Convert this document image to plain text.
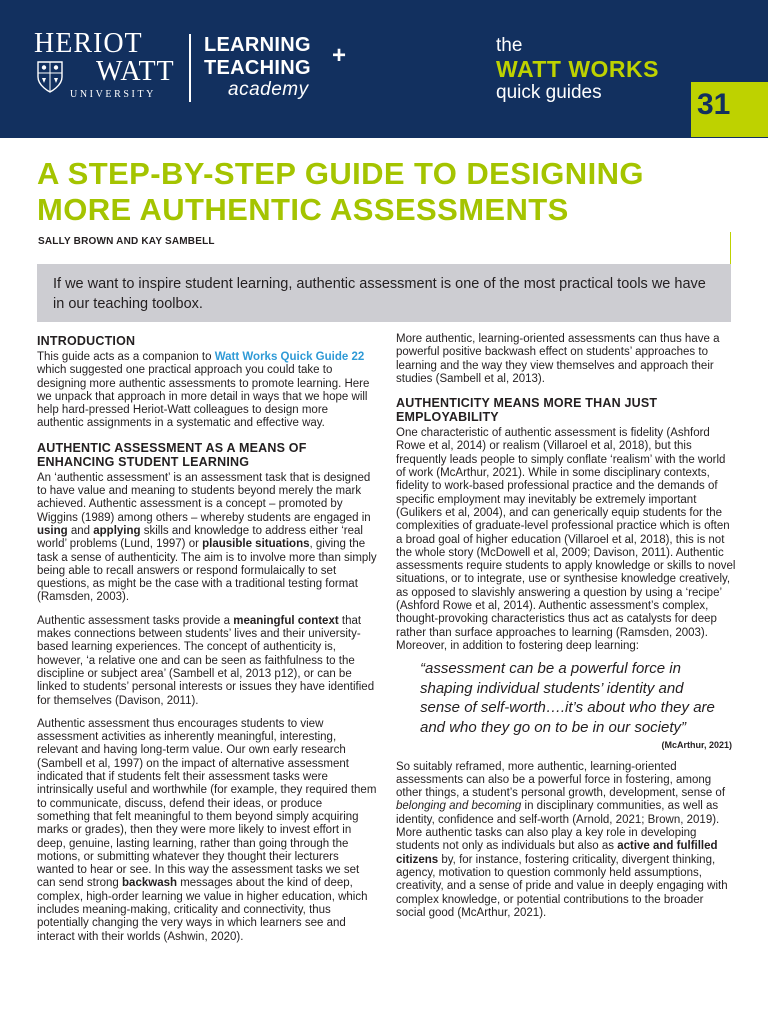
HERIOT
WATT
UNIVERSITY
LEARNING
TEACHING +
academy
the
WATT WORKS
quick guides	31
A STEP-BY-STEP GUIDE TO DESIGNING MORE AUTHENTIC ASSESSMENTS
SALLY BROWN AND KAY SAMBELL
If we want to inspire student learning, authentic assessment is one of the most practical tools we have in our teaching toolbox.
INTRODUCTION

This guide acts as a companion to Watt Works Quick Guide 22 which suggested one practical approach you could take to designing more authentic assessments to promote learning. Here we unpack that approach in more detail in ways that we hope will help hard-pressed Heriot-Watt colleagues to design more authentic assignments in a systematic and effective way.

AUTHENTIC ASSESSMENT AS A MEANS OF ENHANCING STUDENT LEARNING

An ‘authentic assessment’ is an assessment task that is designed to have value and meaning to students beyond merely the mark achieved. Authentic assessment is a concept – promoted by Wiggins (1989) among others – whereby students are engaged in using and applying skills and knowledge to address either ‘real world’ problems (Lund, 1997) or plausible situations, giving the task a sense of authenticity. The aim is to involve more than simply being able to recall answers or respond formulaically to set questions, as might be the case with a traditional testing format (Ramsden, 2003).

Authentic assessment tasks provide a meaningful context that makes connections between students’ lives and their university-based learning experiences. The concept of authenticity is, however, ‘a relative one and can be seen as faithfulness to the discipline or subject area’ (Sambell et al, 2013 p12), or can be linked to students’ personal interests or issues they have identified for themselves (Davison, 2011).

Authentic assessment thus encourages students to view assessment activities as inherently meaningful, interesting, relevant and having long-term value. Our own early research (Sambell et al, 1997) on the impact of alternative assessment indicated that if students felt their assessment tasks were intrinsically useful and worthwhile (for example, they required them to communicate, discuss, defend their ideas, or produce something that felt meaningful to them beyond simply acquiring marks or grades), then they were more likely to invest effort in deep, genuine, lasting learning, rather than going through the motions, or submitting whatever they thought their lecturers wanted to hear or see. In this way the assessment tasks we set can send strong backwash messages about the kind of deep, complex, high-order learning we value in higher education, which includes meaning-making, criticality and connectivity, thus potentially changing the very ways in which learners see and interact with their worlds (Ashwin, 2020).

More authentic, learning-oriented assessments can thus have a powerful positive backwash effect on students’ approaches to learning and the way they view themselves and approach their studies (Sambell et al, 2013).

AUTHENTICITY MEANS MORE THAN JUST EMPLOYABILITY

One characteristic of authentic assessment is fidelity (Ashford Rowe et al, 2014) or realism (Villaroel et al, 2018), but this frequently leads people to simply conflate ‘realism’ with the world of work (McArthur, 2021). While in some disciplinary contexts, fidelity to work-based professional practice and the demands of specific employment may inevitably be extremely important (Gulikers et al, 2004), and can generically equip students for the complexities of graduate-level professional practice which is often a broad goal of higher education (Villaroel et al, 2018), this is not the whole story (McDowell et al, 2009; Davison, 2011). Authentic assessments require students to apply knowledge or skills to novel situations, or to integrate, use or synthesise knowledge creatively, as opposed to slavishly answering a question by using a ‘recipe’ (Ashford Rowe et al, 2014). Authentic assessment’s complex, thought-provoking characteristics thus act as catalysts for deep rather than surface approaches to learning (Ramsden, 2003). Moreover, in addition to fostering deep learning:

“assessment can be a powerful force in shaping individual students’ identity and sense of self-worth….it’s about who they are and who they go on to be in our society”
(McArthur, 2021)

So suitably reframed, more authentic, learning-oriented assessments can also be a powerful force in fostering, among other things, a student’s personal growth, development, sense of belonging and becoming in disciplinary communities, as well as identity, confidence and self-worth (Arnold, 2021; Brown, 2019). More authentic tasks can also play a key role in developing students not only as individuals but also as active and fulfilled citizens by, for instance, fostering criticality, divergent thinking, agency, motivation to question commonly held assumptions, creativity, and a sense of pride and value in deeply engaging with complex knowledge, or potential contributions to the broader social good (McArthur, 2021).
